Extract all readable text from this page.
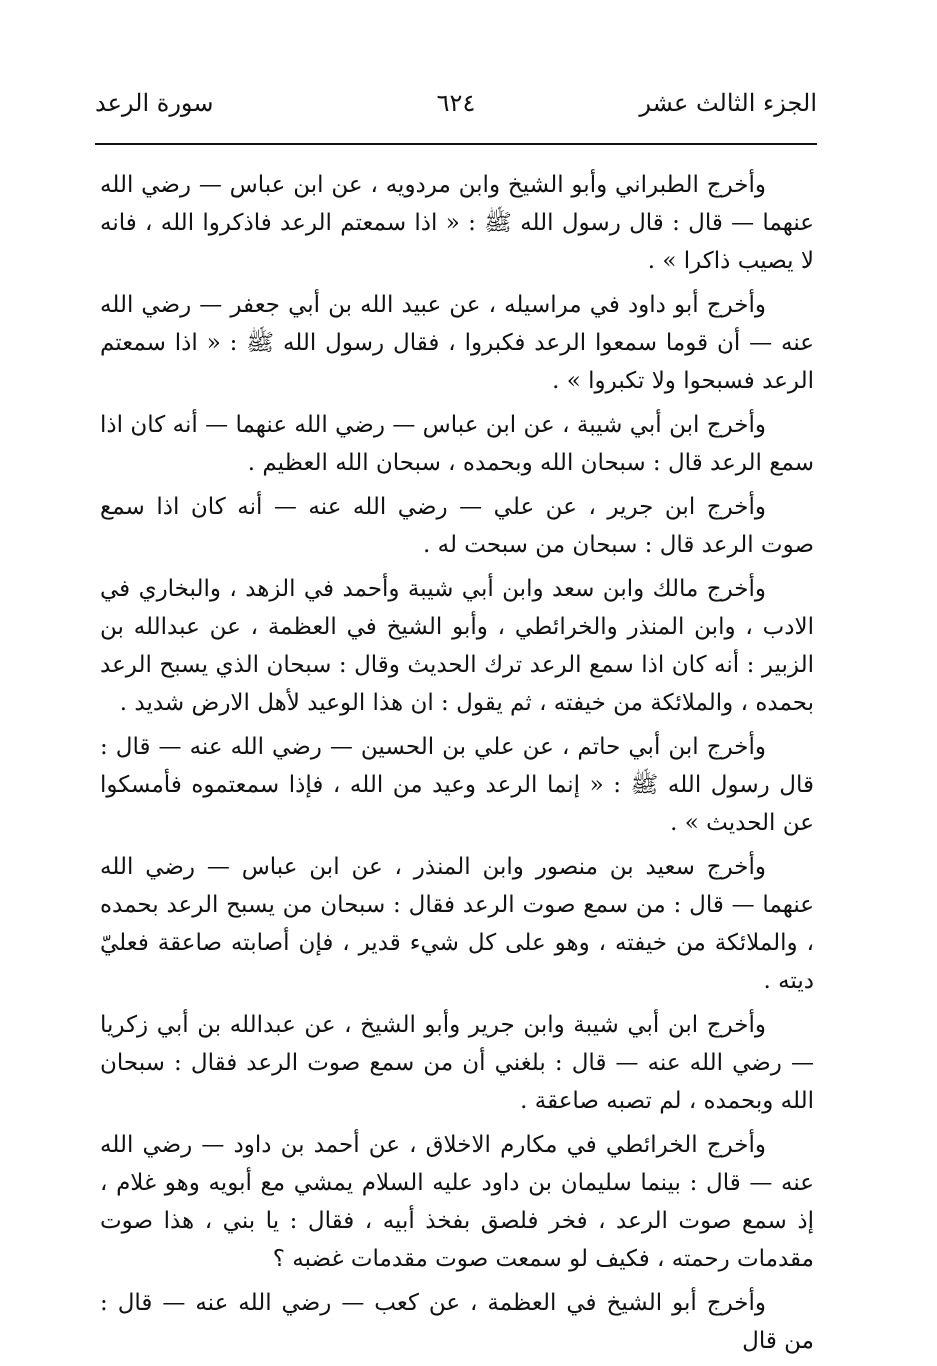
الجزء الثالث عشر
٦٢٤
سورة الرعد

وأخرج الطبراني وأبو الشيخ وابن مردويه ، عن ابن عباس — رضي الله عنهما — قال : قال رسول الله ﷺ : « اذا سمعتم الرعد فاذكروا الله ، فانه لا يصيب ذاكرا » .

وأخرج أبو داود في مراسيله ، عن عبيد الله بن أبي جعفر — رضي الله عنه — أن قوما سمعوا الرعد فكبروا ، فقال رسول الله ﷺ : « اذا سمعتم الرعد فسبحوا ولا تكبروا » .

وأخرج ابن أبي شيبة ، عن ابن عباس — رضي الله عنهما — أنه كان اذا سمع الرعد قال : سبحان الله وبحمده ، سبحان الله العظيم .

وأخرج ابن جرير ، عن علي — رضي الله عنه — أنه كان اذا سمع صوت الرعد قال : سبحان من سبحت له .

وأخرج مالك وابن سعد وابن أبي شيبة وأحمد في الزهد ، والبخاري في الادب ، وابن المنذر والخرائطي ، وأبو الشيخ في العظمة ، عن عبدالله بن الزبير : أنه كان اذا سمع الرعد ترك الحديث وقال : سبحان الذي يسبح الرعد بحمده ، والملائكة من خيفته ، ثم يقول : ان هذا الوعيد لأهل الارض شديد .

وأخرج ابن أبي حاتم ، عن علي بن الحسين — رضي الله عنه — قال : قال رسول الله ﷺ : « إنما الرعد وعيد من الله ، فإذا سمعتموه فأمسكوا عن الحديث » .

وأخرج سعيد بن منصور وابن المنذر ، عن ابن عباس — رضي الله عنهما — قال : من سمع صوت الرعد فقال : سبحان من يسبح الرعد بحمده ، والملائكة من خيفته ، وهو على كل شيء قدير ، فإن أصابته صاعقة فعليّ ديته .

وأخرج ابن أبي شيبة وابن جرير وأبو الشيخ ، عن عبدالله بن أبي زكريا — رضي الله عنه — قال : بلغني أن من سمع صوت الرعد فقال : سبحان الله وبحمده ، لم تصبه صاعقة .

وأخرج الخرائطي في مكارم الاخلاق ، عن أحمد بن داود — رضي الله عنه — قال : بينما سليمان بن داود عليه السلام يمشي مع أبويه وهو غلام ، إذ سمع صوت الرعد ، فخر فلصق بفخذ أبيه ، فقال : يا بني ، هذا صوت مقدمات رحمته ، فكيف لو سمعت صوت مقدمات غضبه ؟

وأخرج أبو الشيخ في العظمة ، عن كعب — رضي الله عنه — قال : من قال
